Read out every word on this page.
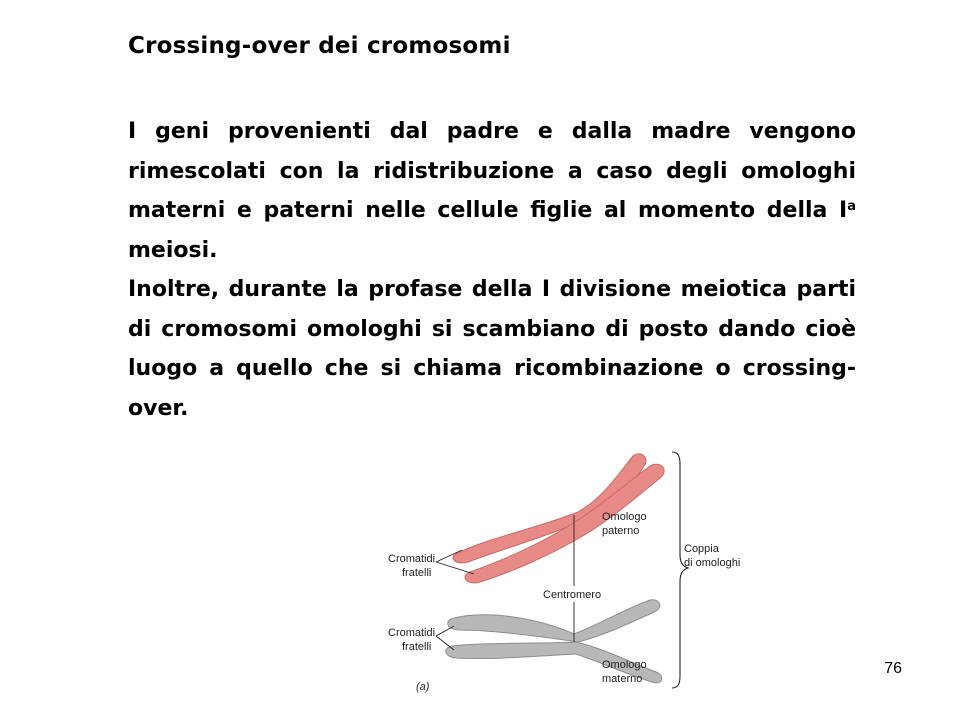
Crossing-over dei cromosomi

I geni provenienti dal padre e dalla madre vengono rimescolati con la ridistribuzione a caso degli omologhi materni e paterni nelle cellule figlie al momento della $I^a$ meiosi.

Inoltre, durante la profase della I divisione meiotica parti di cromosomi omologhi si scambiano di posto dando cioè luogo a quello che si chiama ricombinazione o crossing-over.

Cromatidi
fratelli
Cromatidi
fratelli
Omologo
paterno
Centromero
Coppia
di omologhi
Omologo
materno
(a)
76
